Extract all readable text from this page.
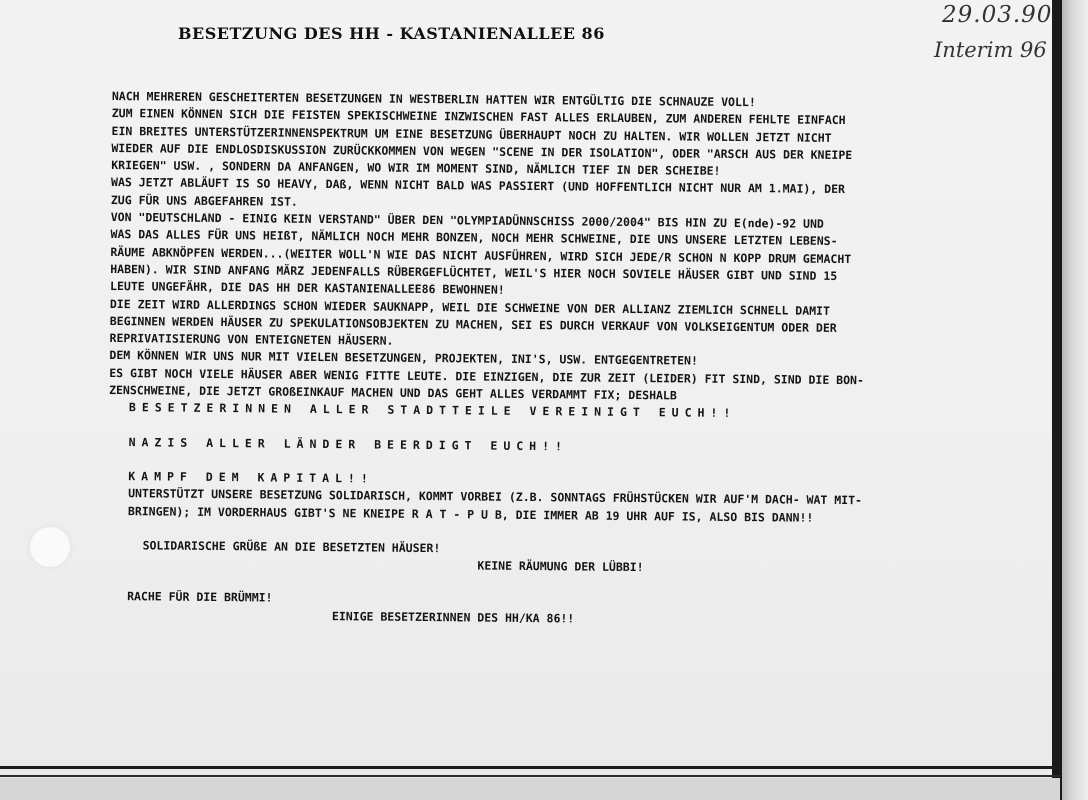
BESETZUNG DES HH - KASTANIENALLEE 86
29.03.90
Interim 96
NACH MEHREREN GESCHEITERTEN BESETZUNGEN IN WESTBERLIN HATTEN WIR ENTGÜLTIG DIE SCHNAUZE VOLL!
ZUM EINEN KÖNNEN SICH DIE FEISTEN SPEKISCHWEINE INZWISCHEN FAST ALLES ERLAUBEN, ZUM ANDEREN FEHLTE EINFACH
EIN BREITES UNTERSTÜTZERINNENSPEKTRUM UM EINE BESETZUNG ÜBERHAUPT NOCH ZU HALTEN. WIR WOLLEN JETZT NICHT
WIEDER AUF DIE ENDLOSDISKUSSION ZURÜCKKOMMEN VON WEGEN "SCENE IN DER ISOLATION", ODER "ARSCH AUS DER KNEIPE
KRIEGEN" USW. , SONDERN DA ANFANGEN, WO WIR IM MOMENT SIND, NÄMLICH TIEF IN DER SCHEIBE!
WAS JETZT ABLÄUFT IS SO HEAVY, DAß, WENN NICHT BALD WAS PASSIERT (UND HOFFENTLICH NICHT NUR AM 1.MAI), DER
ZUG FÜR UNS ABGEFAHREN IST.
VON "DEUTSCHLAND - EINIG KEIN VERSTAND" ÜBER DEN "OLYMPIADÜNNSCHISS 2000/2004" BIS HIN ZU E(nde)-92 UND
WAS DAS ALLES FÜR UNS HEIßT, NÄMLICH NOCH MEHR BONZEN, NOCH MEHR SCHWEINE, DIE UNS UNSERE LETZTEN LEBENS-
RÄUME ABKNÖPFEN WERDEN...(WEITER WOLL'N WIE DAS NICHT AUSFÜHREN, WIRD SICH JEDE/R SCHON N KOPP DRUM GEMACHT
HABEN). WIR SIND ANFANG MÄRZ JEDENFALLS RÜBERGEFLÜCHTET, WEIL'S HIER NOCH SOVIELE HÄUSER GIBT UND SIND 15
LEUTE UNGEFÄHR, DIE DAS HH DER KASTANIENALLEE86 BEWOHNEN!
DIE ZEIT WIRD ALLERDINGS SCHON WIEDER SAUKNAPP, WEIL DIE SCHWEINE VON DER ALLIANZ ZIEMLICH SCHNELL DAMIT
BEGINNEN WERDEN HÄUSER ZU SPEKULATIONSOBJEKTEN ZU MACHEN, SEI ES DURCH VERKAUF VON VOLKSEIGENTUM ODER DER
REPRIVATISIERUNG VON ENTEIGNETEN HÄUSERN.
DEM KÖNNEN WIR UNS NUR MIT VIELEN BESETZUNGEN, PROJEKTEN, INI'S, USW. ENTGEGENTRETEN!
ES GIBT NOCH VIELE HÄUSER ABER WENIG FITTE LEUTE. DIE EINZIGEN, DIE ZUR ZEIT (LEIDER) FIT SIND, SIND DIE BON-
ZENSCHWEINE, DIE JETZT GROßEINKAUF MACHEN UND DAS GEHT ALLES VERDAMMT FIX; DESHALB
BESETZERINNEN ALLER STADTTEILE VEREINIGT EUCH!!
NAZIS ALLER LÄNDER BEERDIGT EUCH!!
KAMPF DEM KAPITAL!!
UNTERSTÜTZT UNSERE BESETZUNG SOLIDARISCH, KOMMT VORBEI (Z.B. SONNTAGS FRÜHSTÜCKEN WIR AUF'M DACH- WAT MIT-
BRINGEN); IM VORDERHAUS GIBT'S NE KNEIPE R A T - P U B, DIE IMMER AB 19 UHR AUF IS, ALSO BIS DANN!!
SOLIDARISCHE GRÜßE AN DIE BESETZTEN HÄUSER!
KEINE RÄUMUNG DER LÜBBI!
RACHE FÜR DIE BRÜMMI!
EINIGE BESETZERINNEN DES HH/KA 86!!
